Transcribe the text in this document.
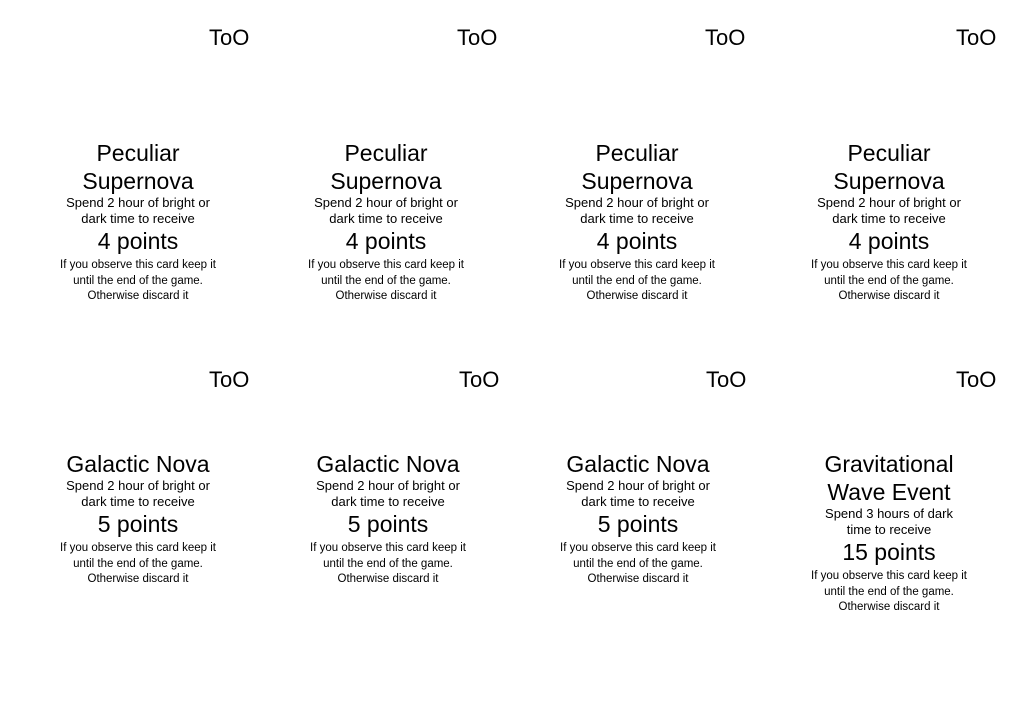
ToO
Peculiar Supernova
Spend 2 hour of bright or dark time to receive
4 points
If you observe this card keep it until the end of the game. Otherwise discard it
ToO
Peculiar Supernova
Spend 2 hour of bright or dark time to receive
4 points
If you observe this card keep it until the end of the game. Otherwise discard it
ToO
Peculiar Supernova
Spend 2 hour of bright or dark time to receive
4 points
If you observe this card keep it until the end of the game. Otherwise discard it
ToO
Peculiar Supernova
Spend 2 hour of bright or dark time to receive
4 points
If you observe this card keep it until the end of the game. Otherwise discard it
ToO
Galactic Nova
Spend 2 hour of bright or dark time to receive
5 points
If you observe this card keep it until the end of the game. Otherwise discard it
ToO
Galactic Nova
Spend 2 hour of bright or dark time to receive
5 points
If you observe this card keep it until the end of the game. Otherwise discard it
ToO
Galactic Nova
Spend 2 hour of bright or dark time to receive
5 points
If you observe this card keep it until the end of the game. Otherwise discard it
ToO
Gravitational Wave Event
Spend 3 hours of dark time to receive
15 points
If you observe this card keep it until the end of the game. Otherwise discard it
